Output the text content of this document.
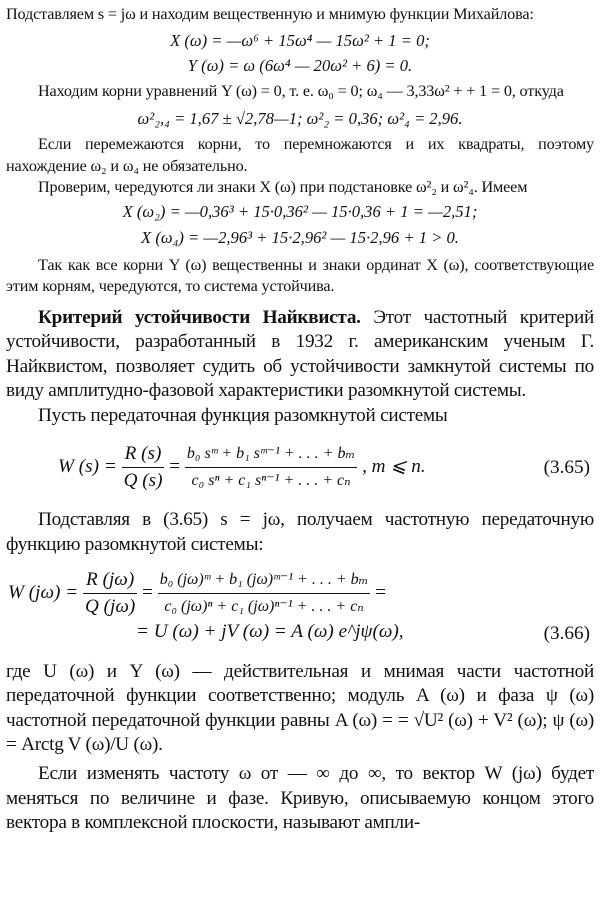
Подставляем s = jω и находим вещественную и мнимую функции Михайлова:

X (ω) = —ω⁶ + 15ω⁴ — 15ω² + 1 = 0;
Y (ω) = ω (6ω⁴ — 20ω² + 6) = 0.

Находим корни уравнений Y (ω) = 0, т. е. ω₀ = 0; ω₄ — 3,33ω² + + 1 = 0, откуда

ω²₂,₄ = 1,67 ± √2,78—1; ω²₂ = 0,36; ω²₄ = 2,96.

Если перемежаются корни, то перемножаются и их квадраты, поэтому нахождение ω₂ и ω₄ не обязательно.

Проверим, чередуются ли знаки X (ω) при подстановке ω²₂ и ω²₄. Имеем

X (ω₂) = —0,36³ + 15·0,36² — 15·0,36 + 1 = —2,51;
X (ω₄) = —2,96³ + 15·2,96² — 15·2,96 + 1 > 0.

Так как все корни Y (ω) вещественны и знаки ординат X (ω), соответствующие этим корням, чередуются, то система устойчива.

Критерий устойчивости Найквиста. Этот частотный критерий устойчивости, разработанный в 1932 г. американским ученым Г. Найквистом, позволяет судить об устойчивости замкнутой системы по виду амплитудно-фазовой характеристики разомкнутой системы.

Пусть передаточная функция разомкнутой системы

W $(s) = \frac{R (s)}{Q (s)} = \frac{\text{b₀ sᵐ + b₁ sᵐ⁻¹ + . . . + bₘ}}{\text{c₀ sⁿ + c₁ sⁿ⁻¹ + . . . + cₙ}}$ , m ⩽ n.	(3.65)

Подставляя в (3.65) s = jω, получаем частотную передаточную функцию разомкнутой системы:

W $(j\omega) = \frac{R (j\omega)}{Q (j\omega)} = \frac{\text{b₀ (jω)ᵐ + b₁ (jω)ᵐ⁻¹ + . . . + bₘ}}{\text{c₀ (jω)ⁿ + c₁ (jω)ⁿ⁻¹ + . . . + cₙ}}$ =
= U (ω) + jV (ω) = A (ω) e^jψ(ω),	(3.66)

где U (ω) и Y (ω) — действительная и мнимая части частотной передаточной функции соответственно; модуль A (ω) и фаза ψ (ω) частотной передаточной функции равны A (ω) = = √U² (ω) + V² (ω); ψ (ω) = Arctg V (ω)/U (ω).

Если изменять частоту ω от — ∞ до ∞, то вектор W (jω) будет меняться по величине и фазе. Кривую, описываемую концом этого вектора в комплексной плоскости, называют ампли-
